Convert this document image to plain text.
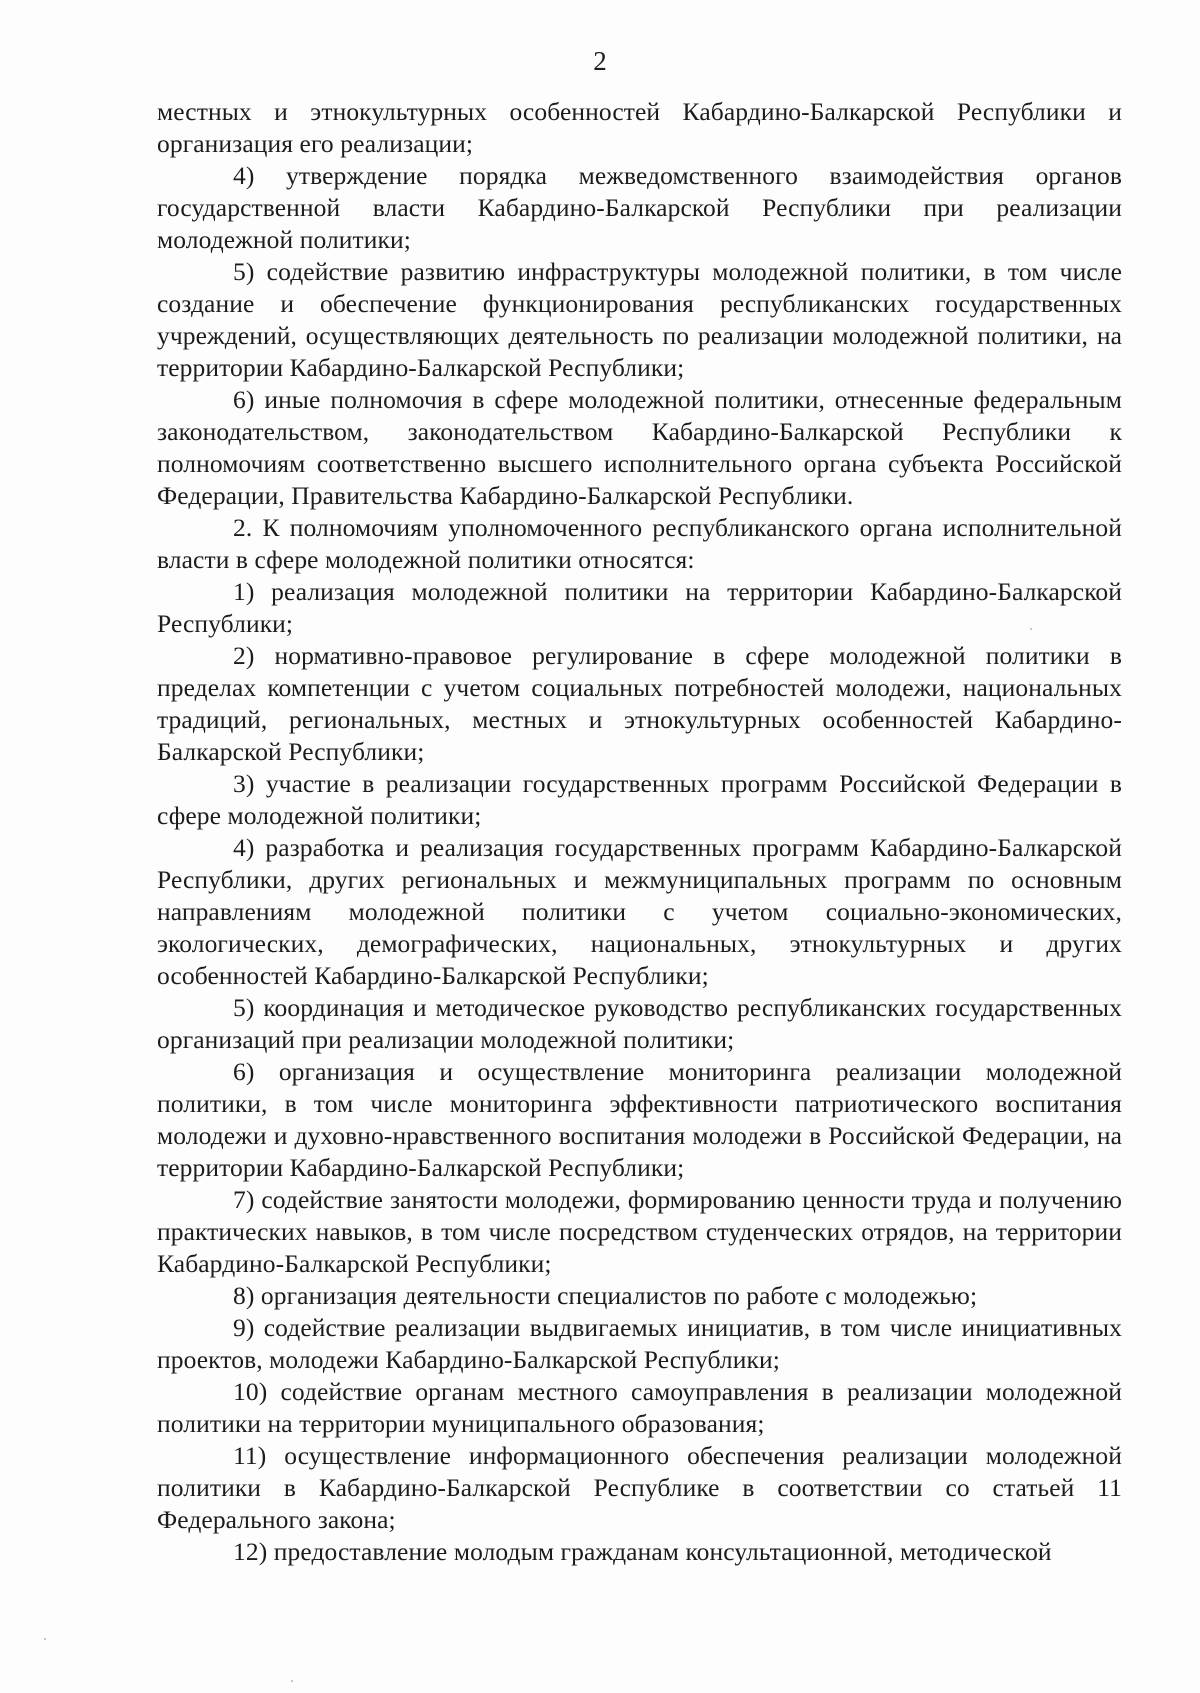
2

местных и этнокультурных особенностей Кабардино-Балкарской Республики и организация его реализации;

4) утверждение порядка межведомственного взаимодействия органов государственной власти Кабардино-Балкарской Республики при реализации молодежной политики;

5) содействие развитию инфраструктуры молодежной политики, в том числе создание и обеспечение функционирования республиканских государственных учреждений, осуществляющих деятельность по реализации молодежной политики, на территории Кабардино-Балкарской Республики;

6) иные полномочия в сфере молодежной политики, отнесенные федеральным законодательством, законодательством Кабардино-Балкарской Республики к полномочиям соответственно высшего исполнительного органа субъекта Российской Федерации, Правительства Кабардино-Балкарской Республики.

2. К полномочиям уполномоченного республиканского органа исполнительной власти в сфере молодежной политики относятся:

1) реализация молодежной политики на территории Кабардино-Балкарской Республики;

2) нормативно-правовое регулирование в сфере молодежной политики в пределах компетенции с учетом социальных потребностей молодежи, национальных традиций, региональных, местных и этнокультурных особенностей Кабардино-Балкарской Республики;

3) участие в реализации государственных программ Российской Федерации в сфере молодежной политики;

4) разработка и реализация государственных программ Кабардино-Балкарской Республики, других региональных и межмуниципальных программ по основным направлениям молодежной политики с учетом социально-экономических, экологических, демографических, национальных, этнокультурных и других особенностей Кабардино-Балкарской Республики;

5) координация и методическое руководство республиканских государственных организаций при реализации молодежной политики;

6) организация и осуществление мониторинга реализации молодежной политики, в том числе мониторинга эффективности патриотического воспитания молодежи и духовно-нравственного воспитания молодежи в Российской Федерации, на территории Кабардино-Балкарской Республики;

7) содействие занятости молодежи, формированию ценности труда и получению практических навыков, в том числе посредством студенческих отрядов, на территории Кабардино-Балкарской Республики;

8) организация деятельности специалистов по работе с молодежью;

9) содействие реализации выдвигаемых инициатив, в том числе инициативных проектов, молодежи Кабардино-Балкарской Республики;

10) содействие органам местного самоуправления в реализации молодежной политики на территории муниципального образования;

11) осуществление информационного обеспечения реализации молодежной политики в Кабардино-Балкарской Республике в соответствии со статьей 11 Федерального закона;

12) предоставление молодым гражданам консультационной, методической
